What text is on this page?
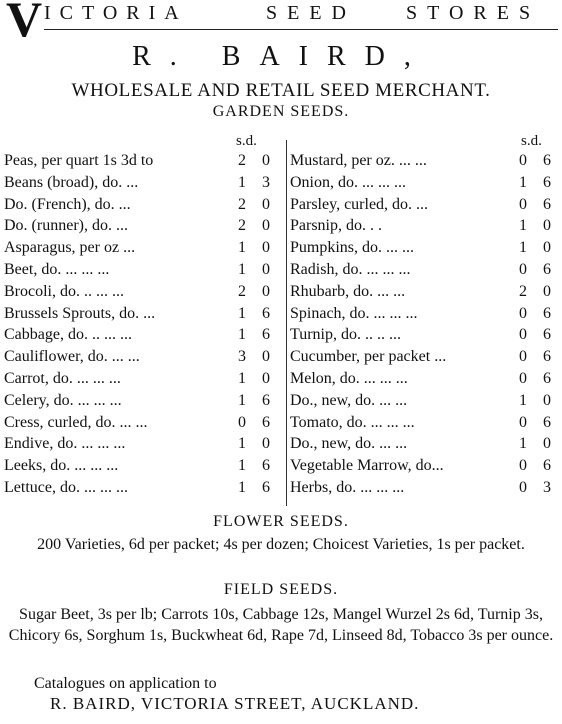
V ICTORIA	SEED	STORES
R. BAIRD,
WHOLESALE AND RETAIL SEED MERCHANT.
GARDEN SEEDS.
s.d.	s.d.
Peas, per quart 1s 3d to	2 0
Beans (broad), do. ...	1 3
Do. (French), do. ...	2 0
Do. (runner), do. ...	2 0
Asparagus, per oz ...	1 0
Beet, do. ... ... ...	1 0
Brocoli, do. .. ... ...	2 0
Brussels Sprouts, do. ...	1 6
Cabbage, do. .. ... ...	1 6
Cauliflower, do. ... ...	3 0
Carrot, do. ... ... ...	1 0
Celery, do. ... ... ...	1 6
Cress, curled, do. ... ...	0 6
Endive, do. ... ... ...	1 0
Leeks, do. ... ... ...	1 6
Lettuce, do. ... ... ...	1 6
Mustard, per oz. ... ...	0 6
Onion, do. ... ... ...	1 6
Parsley, curled, do. ...	0 6
Parsnip, do. . .	1 0
Pumpkins, do. ... ...	1 0
Radish, do. ... ... ...	0 6
Rhubarb, do. ... ...	2 0
Spinach, do. ... ... ...	0 6
Turnip, do. .. .. ...	0 6
Cucumber, per packet ...	0 6
Melon, do. ... ... ...	0 6
Do., new, do. ... ...	1 0
Tomato, do. ... ... ...	0 6
Do., new, do. ... ...	1 0
Vegetable Marrow, do...	0 6
Herbs, do. ... ... ...	0 3
FLOWER SEEDS.
200 Varieties, 6d per packet; 4s per dozen; Choicest Varieties, 1s per packet.
FIELD SEEDS.
Sugar Beet, 3s per lb; Carrots 10s, Cabbage 12s, Mangel Wurzel 2s 6d, Turnip 3s, Chicory 6s, Sorghum 1s, Buckwheat 6d, Rape 7d, Linseed 8d, Tobacco 3s per ounce.
Catalogues on application to
R. BAIRD, VICTORIA STREET, AUCKLAND.
